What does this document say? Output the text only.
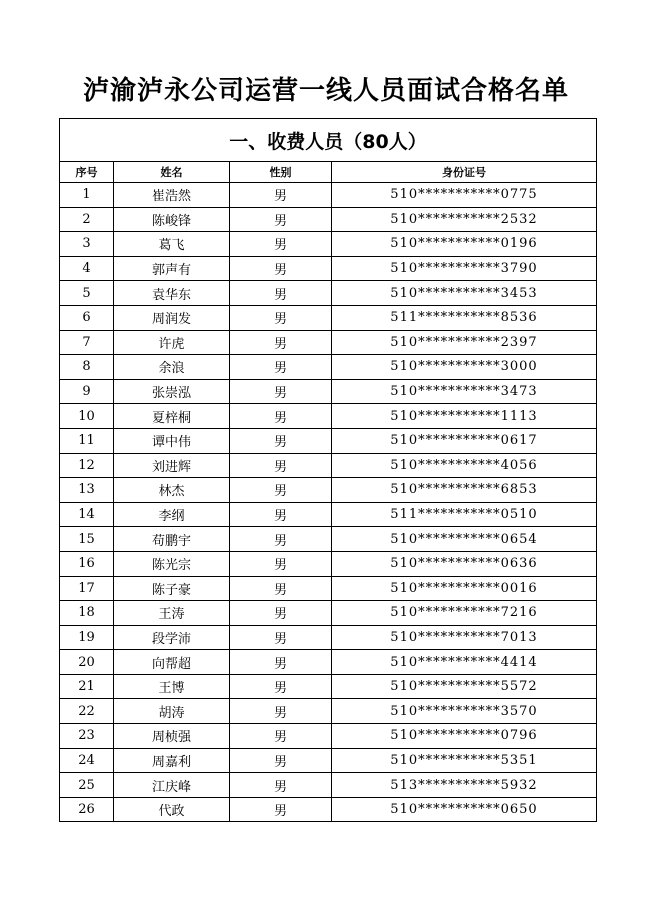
泸渝泸永公司运营一线人员面试合格名单
一、收费人员（80人）			
序号	姓名	性别	身份证号
1	崔浩然	男	510***********0775
2	陈峻锋	男	510***********2532
3	葛飞	男	510***********0196
4	郭声有	男	510***********3790
5	袁华东	男	510***********3453
6	周润发	男	511***********8536
7	许虎	男	510***********2397
8	余浪	男	510***********3000
9	张崇泓	男	510***********3473
10	夏梓桐	男	510***********1113
11	谭中伟	男	510***********0617
12	刘进辉	男	510***********4056
13	林杰	男	510***********6853
14	李纲	男	511***********0510
15	苟鹏宇	男	510***********0654
16	陈光宗	男	510***********0636
17	陈子豪	男	510***********0016
18	王涛	男	510***********7216
19	段学沛	男	510***********7013
20	向帮超	男	510***********4414
21	王博	男	510***********5572
22	胡涛	男	510***********3570
23	周桢强	男	510***********0796
24	周嘉利	男	510***********5351
25	江庆峰	男	513***********5932
26	代政	男	510***********0650
